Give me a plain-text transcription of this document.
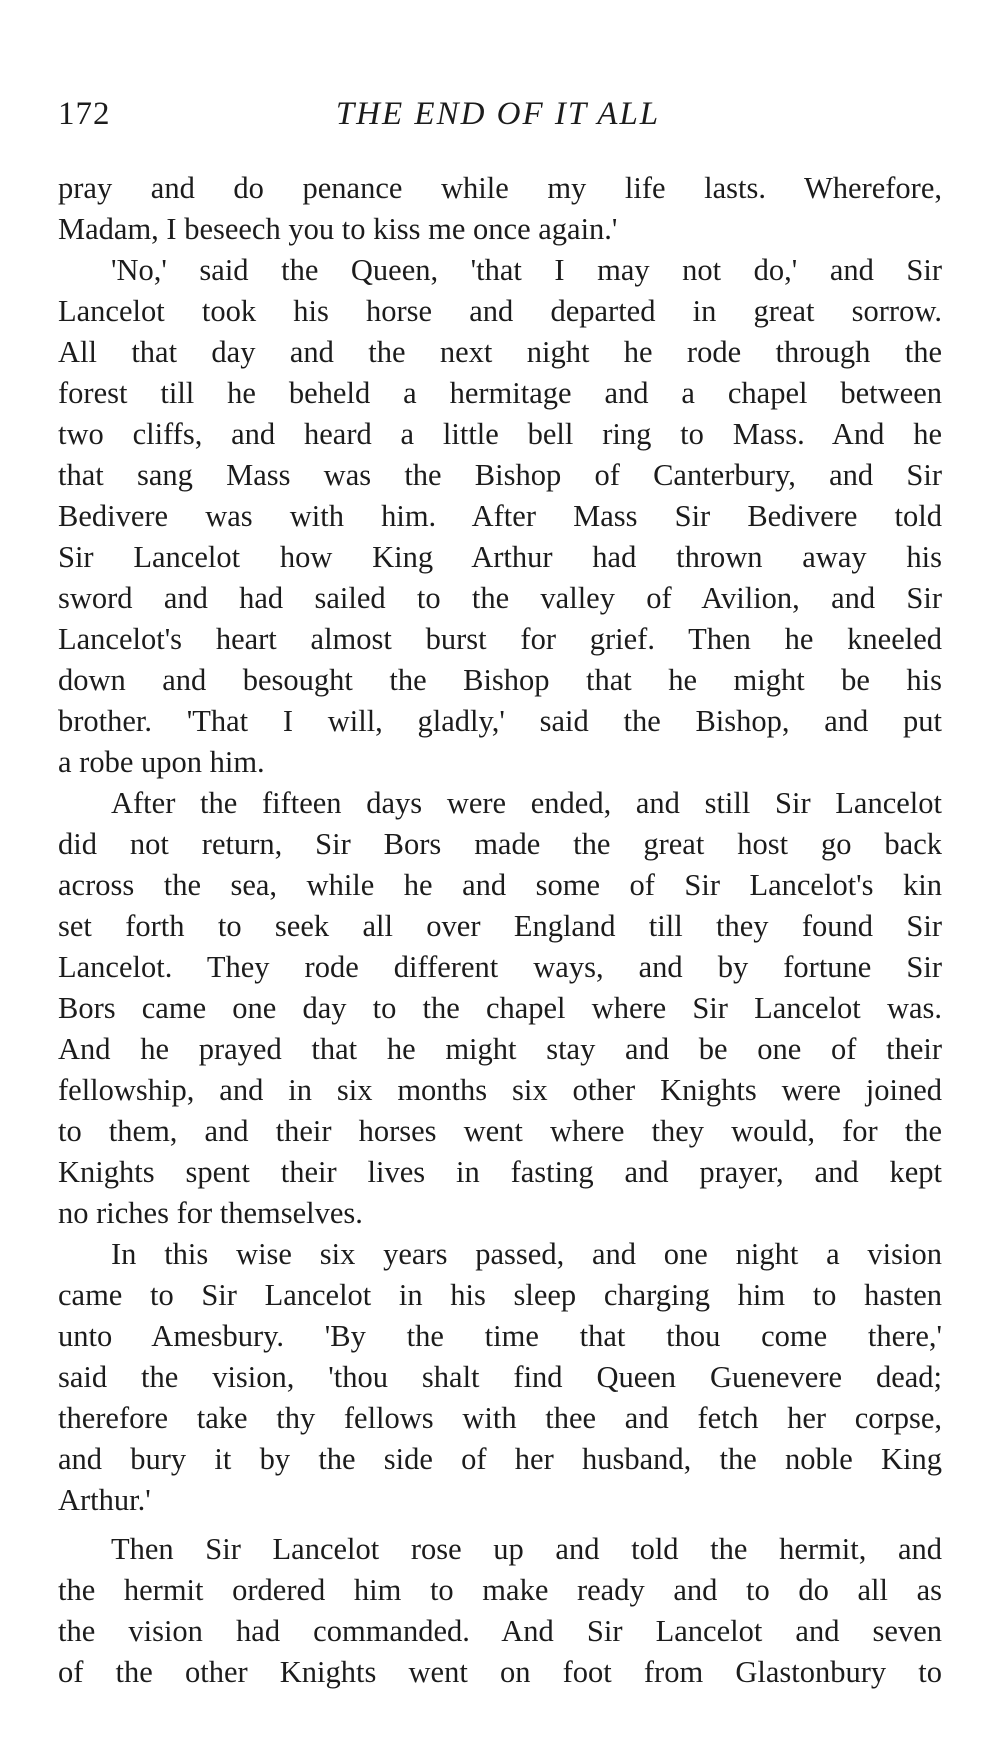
172	THE END OF IT ALL
pray and do penance while my life lasts. Wherefore,
Madam, I beseech you to kiss me once again.'
'No,' said the Queen, 'that I may not do,' and Sir
Lancelot took his horse and departed in great sorrow.
All that day and the next night he rode through the
forest till he beheld a hermitage and a chapel between
two cliffs, and heard a little bell ring to Mass. And he
that sang Mass was the Bishop of Canterbury, and Sir
Bedivere was with him. After Mass Sir Bedivere told
Sir Lancelot how King Arthur had thrown away his
sword and had sailed to the valley of Avilion, and Sir
Lancelot's heart almost burst for grief. Then he kneeled
down and besought the Bishop that he might be his
brother. 'That I will, gladly,' said the Bishop, and put
a robe upon him.
After the fifteen days were ended, and still Sir Lancelot
did not return, Sir Bors made the great host go back
across the sea, while he and some of Sir Lancelot's kin
set forth to seek all over England till they found Sir
Lancelot. They rode different ways, and by fortune Sir
Bors came one day to the chapel where Sir Lancelot was.
And he prayed that he might stay and be one of their
fellowship, and in six months six other Knights were joined
to them, and their horses went where they would, for the
Knights spent their lives in fasting and prayer, and kept
no riches for themselves.
In this wise six years passed, and one night a vision
came to Sir Lancelot in his sleep charging him to hasten
unto Amesbury. 'By the time that thou come there,'
said the vision, 'thou shalt find Queen Guenevere dead;
therefore take thy fellows with thee and fetch her corpse,
and bury it by the side of her husband, the noble King
Arthur.'
Then Sir Lancelot rose up and told the hermit, and
the hermit ordered him to make ready and to do all as
the vision had commanded. And Sir Lancelot and seven
of the other Knights went on foot from Glastonbury to
